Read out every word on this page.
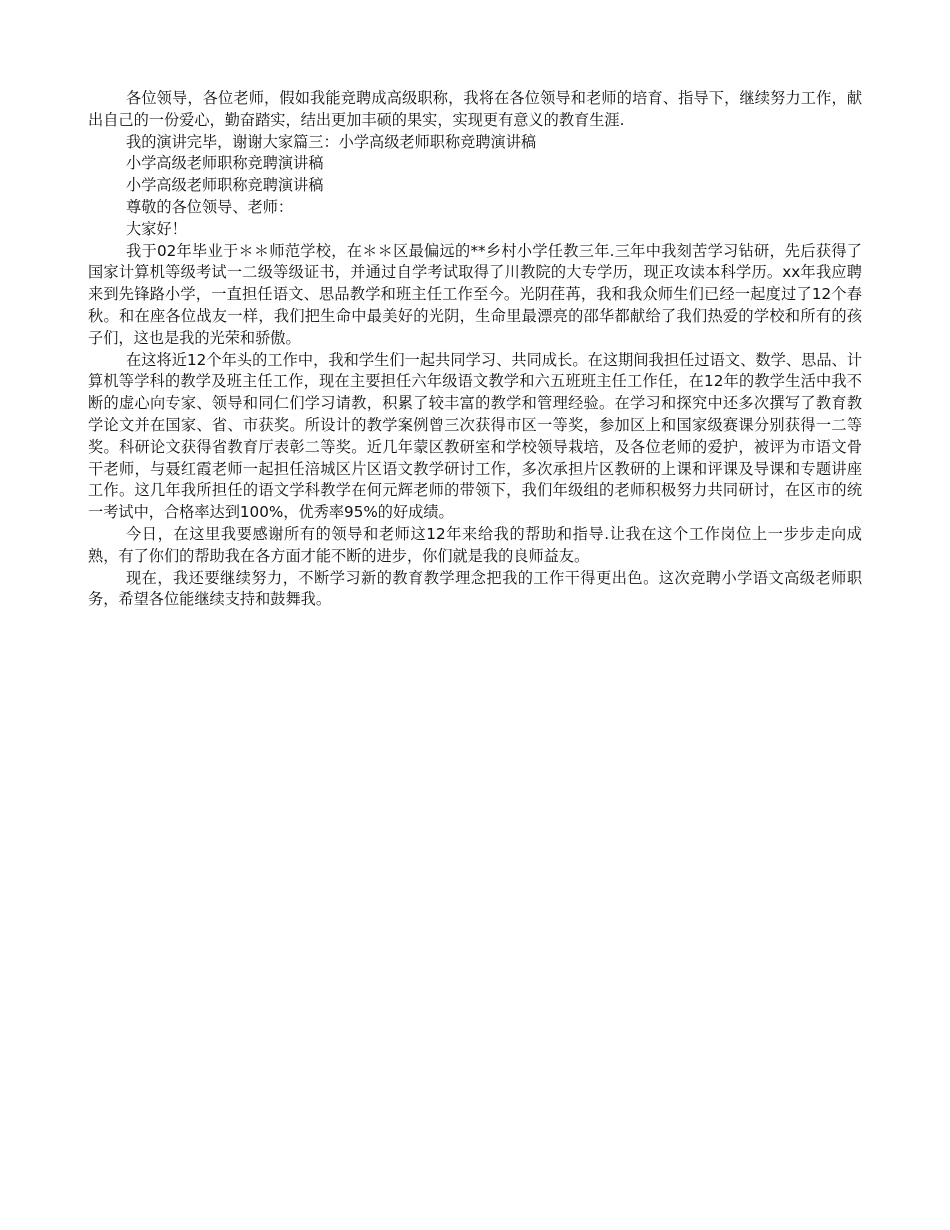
各位领导，各位老师，假如我能竞聘成高级职称，我将在各位领导和老师的培育、指导下，继续努力工作，献出自己的一份爱心，勤奋踏实，结出更加丰硕的果实，实现更有意义的教育生涯.

我的演讲完毕，谢谢大家篇三：小学高级老师职称竞聘演讲稿

小学高级老师职称竞聘演讲稿

小学高级老师职称竞聘演讲稿

尊敬的各位领导、老师：

大家好！

我于02年毕业于＊＊师范学校，在＊＊区最偏远的**乡村小学任教三年.三年中我刻苦学习钻研，先后获得了国家计算机等级考试一二级等级证书，并通过自学考试取得了川教院的大专学历，现正攻读本科学历。xx年我应聘来到先锋路小学，一直担任语文、思品教学和班主任工作至今。光阴荏苒，我和我众师生们已经一起度过了12个春秋。和在座各位战友一样，我们把生命中最美好的光阴，生命里最漂亮的邵华都献给了我们热爱的学校和所有的孩子们，这也是我的光荣和骄傲。

在这将近12个年头的工作中，我和学生们一起共同学习、共同成长。在这期间我担任过语文、数学、思品、计算机等学科的教学及班主任工作，现在主要担任六年级语文教学和六五班班主任工作任，在12年的教学生活中我不断的虚心向专家、领导和同仁们学习请教，积累了较丰富的教学和管理经验。在学习和探究中还多次撰写了教育教学论文并在国家、省、市获奖。所设计的教学案例曾三次获得市区一等奖，参加区上和国家级赛课分别获得一二等奖。科研论文获得省教育厅表彰二等奖。近几年蒙区教研室和学校领导栽培，及各位老师的爱护，被评为市语文骨干老师，与聂红霞老师一起担任涪城区片区语文教学研讨工作，多次承担片区教研的上课和评课及导课和专题讲座工作。这几年我所担任的语文学科教学在何元辉老师的带领下，我们年级组的老师积极努力共同研讨，在区市的统一考试中，合格率达到100%，优秀率95%的好成绩。

今日，在这里我要感谢所有的领导和老师这12年来给我的帮助和指导.让我在这个工作岗位上一步步走向成熟，有了你们的帮助我在各方面才能不断的进步，你们就是我的良师益友。

现在，我还要继续努力，不断学习新的教育教学理念把我的工作干得更出色。这次竞聘小学语文高级老师职务，希望各位能继续支持和鼓舞我。
